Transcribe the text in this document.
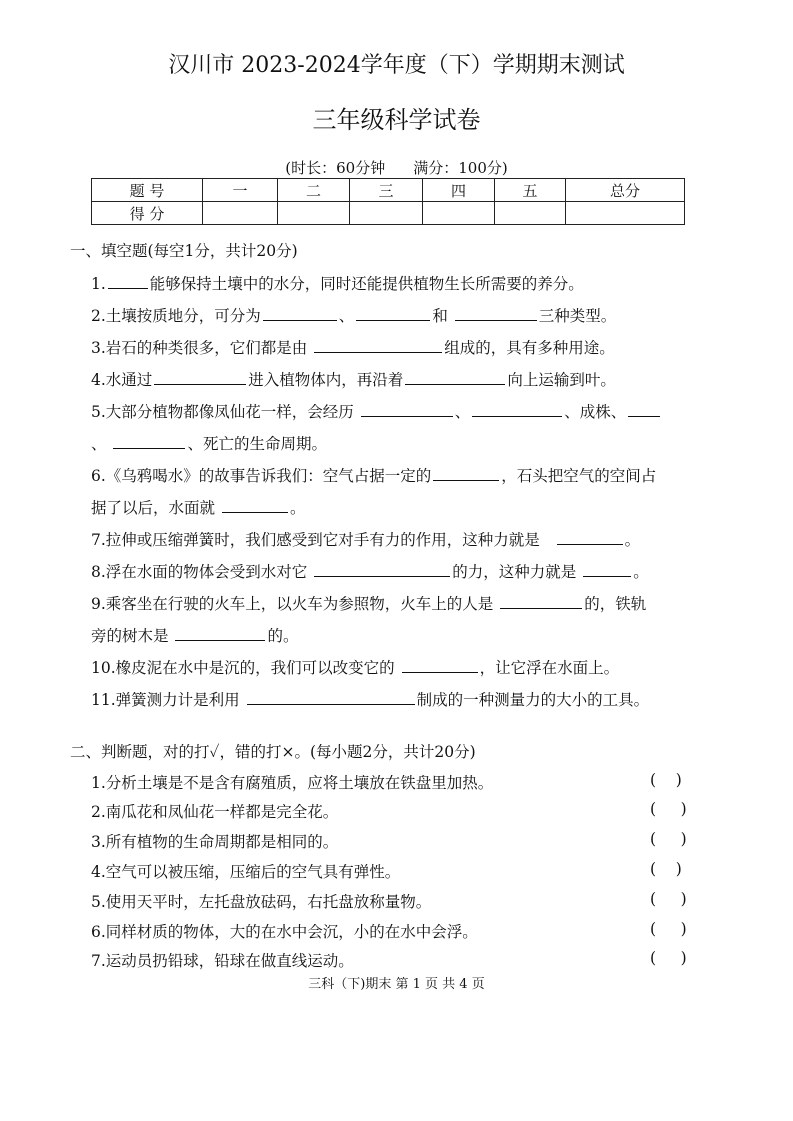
汉川市 2023-2024学年度（下）学期期末测试
三年级科学试卷
(时长：60分钟 满分：100分)
题 号	一	二	三	四	五	总分
得 分						
一、填空题(每空1分，共计20分)
1.	能够保持土壤中的水分，同时还能提供植物生长所需要的养分。
2.土壤按质地分，可分为	、	和	三种类型。
3.岩石的种类很多，它们都是由	组成的，具有多种用途。
4.水通过	进入植物体内，再沿着	向上运输到叶。
5.大部分植物都像凤仙花一样，会经历	、	、成株、
、	、死亡的生命周期。
6.《乌鸦喝水》的故事告诉我们：空气占据一定的	，石头把空气的空间占
据了以后，水面就	。
7.拉伸或压缩弹簧时，我们感受到它对手有力的作用，这种力就是	。
8.浮在水面的物体会受到水对它	的力，这种力就是	。
9.乘客坐在行驶的火车上，以火车为参照物，火车上的人是	的，铁轨
旁的树木是	的。
10.橡皮泥在水中是沉的，我们可以改变它的	，让它浮在水面上。
11.弹簧测力计是利用	制成的一种测量力的大小的工具。
二、判断题，对的打✓，错的打×。(每小题2分，共计20分)
1.分析土壤是不是含有腐殖质，应将土壤放在铁盘里加热。	(    )
2.南瓜花和凤仙花一样都是完全花。	(     )
3.所有植物的生命周期都是相同的。	(     )
4.空气可以被压缩，压缩后的空气具有弹性。	(    )
5.使用天平时，左托盘放砝码，右托盘放称量物。	(     )
6.同样材质的物体，大的在水中会沉，小的在水中会浮。	(     )
7.运动员扔铅球，铅球在做直线运动。	(     )
三科（下)期末 第 1 页 共 4 页
